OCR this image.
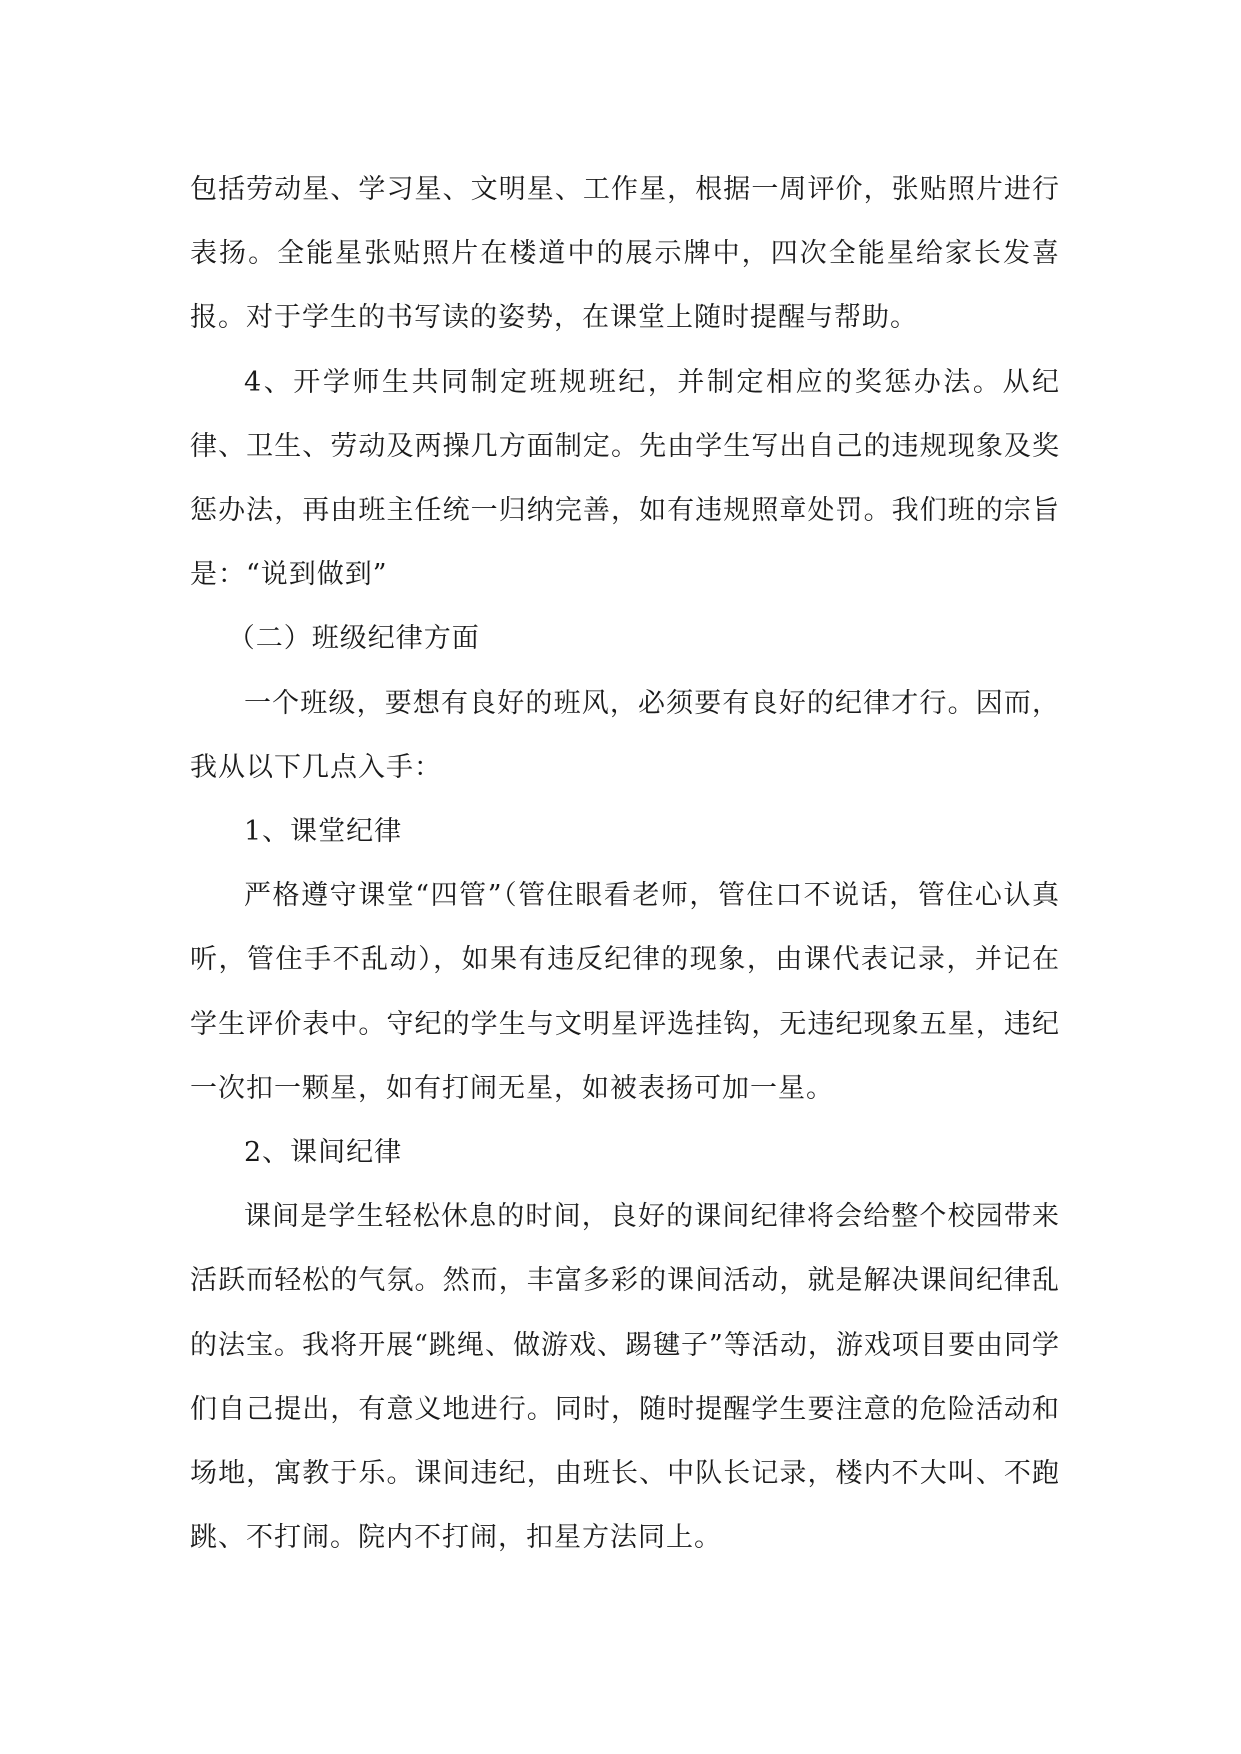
包括劳动星、学习星、文明星、工作星，根据一周评价，张贴照片进行表扬。全能星张贴照片在楼道中的展示牌中，四次全能星给家长发喜报。对于学生的书写读的姿势，在课堂上随时提醒与帮助。

4、开学师生共同制定班规班纪，并制定相应的奖惩办法。从纪律、卫生、劳动及两操几方面制定。先由学生写出自己的违规现象及奖惩办法，再由班主任统一归纳完善，如有违规照章处罚。我们班的宗旨是：“说到做到”

（二）班级纪律方面

一个班级，要想有良好的班风，必须要有良好的纪律才行。因而，我从以下几点入手：

1、课堂纪律

严格遵守课堂“四管”（管住眼看老师，管住口不说话，管住心认真听，管住手不乱动），如果有违反纪律的现象，由课代表记录，并记在学生评价表中。守纪的学生与文明星评选挂钩，无违纪现象五星，违纪一次扣一颗星，如有打闹无星，如被表扬可加一星。

2、课间纪律

课间是学生轻松休息的时间，良好的课间纪律将会给整个校园带来活跃而轻松的气氛。然而，丰富多彩的课间活动，就是解决课间纪律乱的法宝。我将开展“跳绳、做游戏、踢毽子”等活动，游戏项目要由同学们自己提出，有意义地进行。同时，随时提醒学生要注意的危险活动和场地，寓教于乐。课间违纪，由班长、中队长记录，楼内不大叫、不跑跳、不打闹。院内不打闹，扣星方法同上。
